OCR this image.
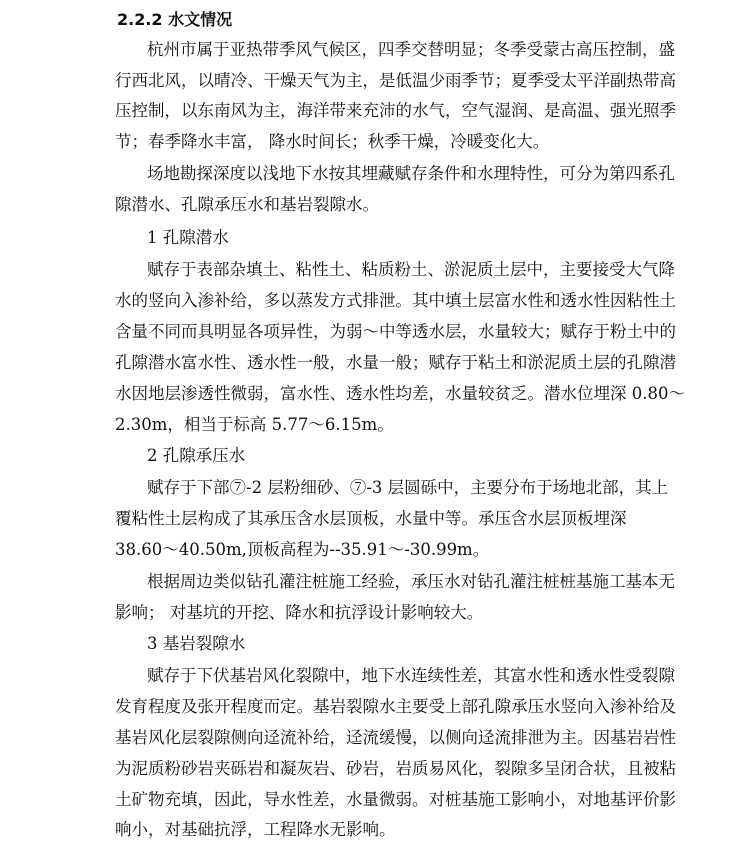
2.2.2 水文情况
杭州市属于亚热带季风气候区，四季交替明显；冬季受蒙古高压控制，盛
行西北风，以晴冷、干燥天气为主，是低温少雨季节；夏季受太平洋副热带高
压控制，以东南风为主，海洋带来充沛的水气，空气湿润、是高温、强光照季
节；春季降水丰富， 降水时间长；秋季干燥，冷暖变化大。
场地勘探深度以浅地下水按其埋藏赋存条件和水理特性，可分为第四系孔
隙潜水、孔隙承压水和基岩裂隙水。
1 孔隙潜水
赋存于表部杂填土、粘性土、粘质粉土、淤泥质土层中，主要接受大气降
水的竖向入渗补给，多以蒸发方式排泄。其中填土层富水性和透水性因粘性土
含量不同而具明显各项异性，为弱～中等透水层，水量较大；赋存于粉土中的
孔隙潜水富水性、透水性一般，水量一般；赋存于粘土和淤泥质土层的孔隙潜
水因地层渗透性微弱，富水性、透水性均差，水量较贫乏。潜水位埋深 0.80～
2.30m，相当于标高 5.77～6.15m。
2 孔隙承压水
赋存于下部⑦-2 层粉细砂、⑦-3 层圆砾中，主要分布于场地北部，其上
覆粘性土层构成了其承压含水层顶板，水量中等。承压含水层顶板埋深
38.60～40.50m,顶板高程为--35.91～-30.99m。
根据周边类似钻孔灌注桩施工经验，承压水对钻孔灌注桩桩基施工基本无
影响； 对基坑的开挖、降水和抗浮设计影响较大。
3 基岩裂隙水
赋存于下伏基岩风化裂隙中，地下水连续性差，其富水性和透水性受裂隙
发育程度及张开程度而定。基岩裂隙水主要受上部孔隙承压水竖向入渗补给及
基岩风化层裂隙侧向迳流补给，迳流缓慢，以侧向迳流排泄为主。因基岩岩性
为泥质粉砂岩夹砾岩和凝灰岩、砂岩，岩质易风化，裂隙多呈闭合状，且被粘
土矿物充填，因此，导水性差，水量微弱。对桩基施工影响小，对地基评价影
响小，对基础抗浮，工程降水无影响。
